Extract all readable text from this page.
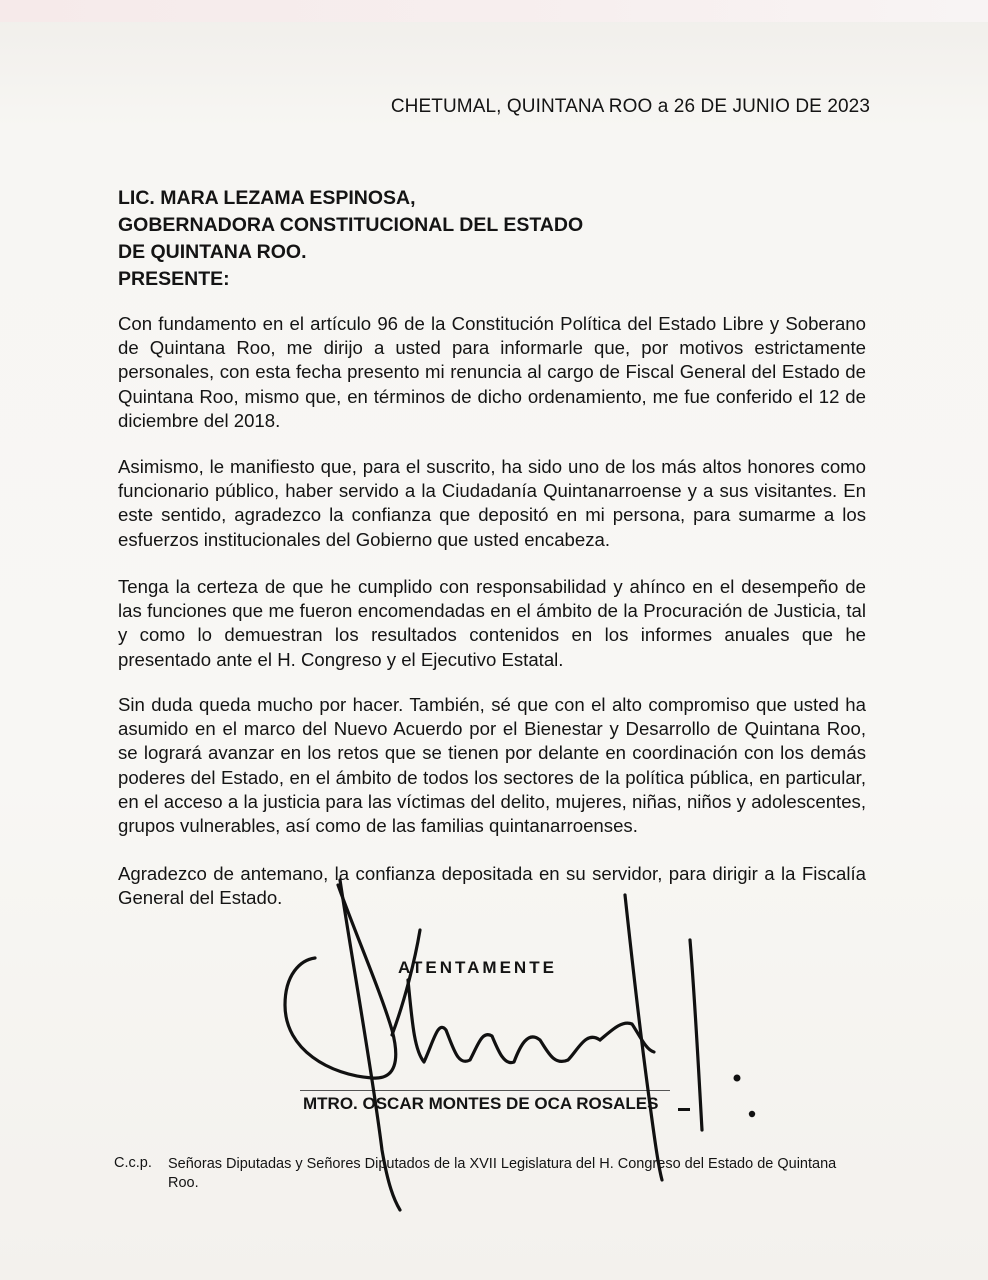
CHETUMAL, QUINTANA ROO a 26 DE JUNIO DE 2023
LIC. MARA LEZAMA ESPINOSA,
GOBERNADORA CONSTITUCIONAL DEL ESTADO
DE QUINTANA ROO.
PRESENTE:
Con fundamento en el artículo 96 de la Constitución Política del Estado Libre y Soberano de Quintana Roo, me dirijo a usted para informarle que, por motivos estrictamente personales, con esta fecha presento mi renuncia al cargo de Fiscal General del Estado de Quintana Roo, mismo que, en términos de dicho ordenamiento, me fue conferido el 12 de diciembre del 2018.
Asimismo, le manifiesto que, para el suscrito, ha sido uno de los más altos honores como funcionario público, haber servido a la Ciudadanía Quintanarroense y a sus visitantes. En este sentido, agradezco la confianza que depositó en mi persona, para sumarme a los esfuerzos institucionales del Gobierno que usted encabeza.
Tenga la certeza de que he cumplido con responsabilidad y ahínco en el desempeño de las funciones que me fueron encomendadas en el ámbito de la Procuración de Justicia, tal y como lo demuestran los resultados contenidos en los informes anuales que he presentado ante el H. Congreso y el Ejecutivo Estatal.
Sin duda queda mucho por hacer. También, sé que con el alto compromiso que usted ha asumido en el marco del Nuevo Acuerdo por el Bienestar y Desarrollo de Quintana Roo, se logrará avanzar en los retos que se tienen por delante en coordinación con los demás poderes del Estado, en el ámbito de todos los sectores de la política pública, en particular, en el acceso a la justicia para las víctimas del delito, mujeres, niñas, niños y adolescentes, grupos vulnerables, así como de las familias quintanarroenses.
Agradezco de antemano, la confianza depositada en su servidor, para dirigir a la Fiscalía General del Estado.
ATENTAMENTE
MTRO. OSCAR MONTES DE OCA ROSALES
C.c.p. Señoras Diputadas y Señores Diputados de la XVII Legislatura del H. Congreso del Estado de Quintana Roo.
